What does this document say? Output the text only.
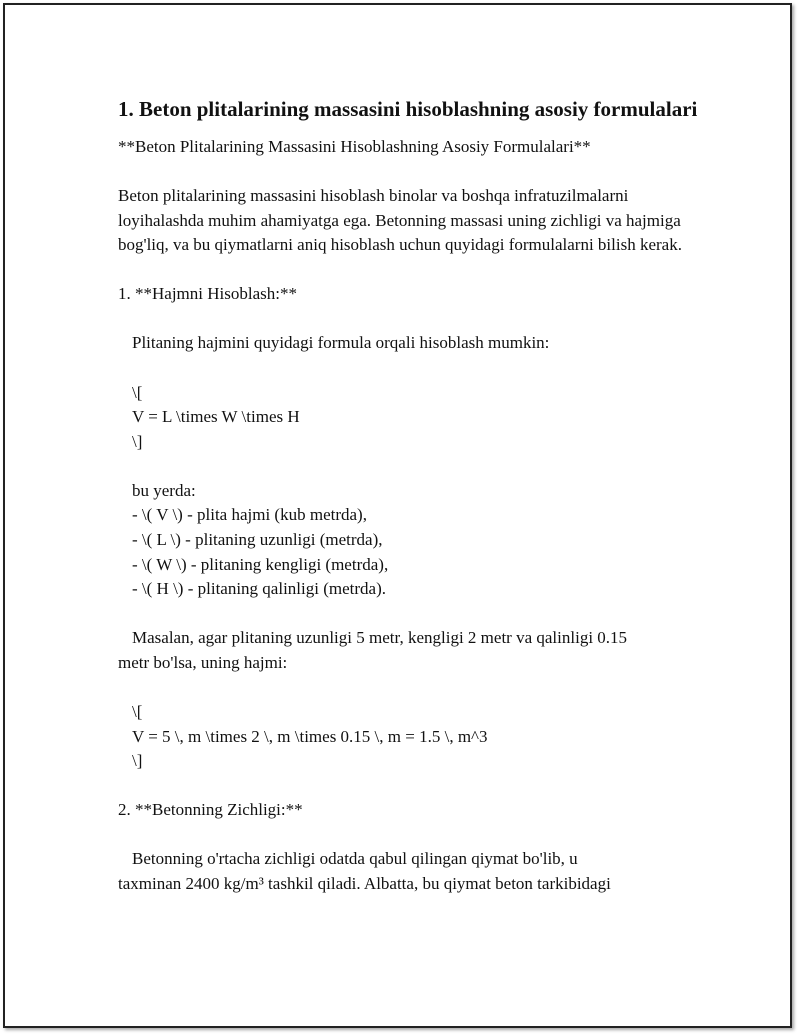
1. Beton plitalarining massasini hisoblashning asosiy formulalari

**Beton Plitalarining Massasini Hisoblashning Asosiy Formulalari**

Beton plitalarining massasini hisoblash binolar va boshqa infratuzilmalarni loyihalashda muhim ahamiyatga ega. Betonning massasi uning zichligi va hajmiga bog'liq, va bu qiymatlarni aniq hisoblash uchun quyidagi formulalarni bilish kerak.

1. **Hajmni Hisoblash:**

Plitaning hajmini quyidagi formula orqali hisoblash mumkin:

\[

V = L \times W \times H

\]

bu yerda:

- \( V \) - plita hajmi (kub metrda),

- \( L \) - plitaning uzunligi (metrda),

- \( W \) - plitaning kengligi (metrda),

- \( H \) - plitaning qalinligi (metrda).

Masalan, agar plitaning uzunligi 5 metr, kengligi 2 metr va qalinligi 0.15

metr bo'lsa, uning hajmi:

\[

V = 5 \, m \times 2 \, m \times 0.15 \, m = 1.5 \, m^3

\]

2. **Betonning Zichligi:**

Betonning o'rtacha zichligi odatda qabul qilingan qiymat bo'lib, u

taxminan 2400 kg/m³ tashkil qiladi. Albatta, bu qiymat beton tarkibidagi
